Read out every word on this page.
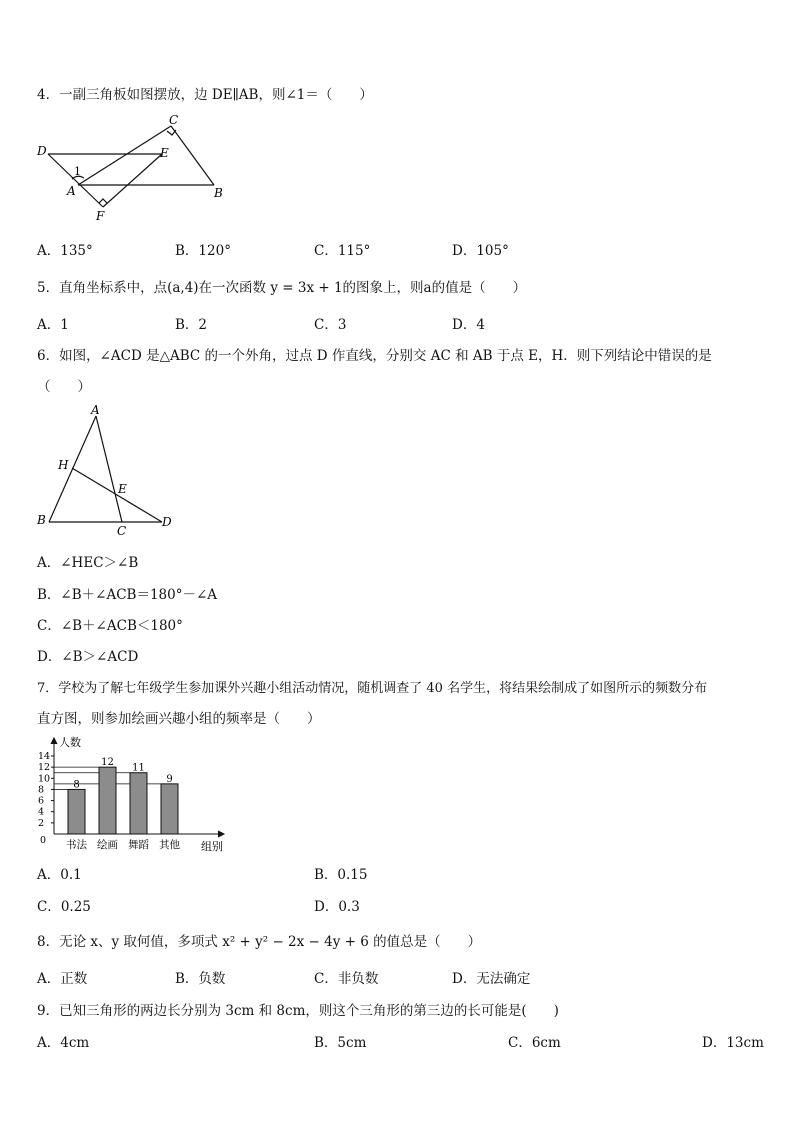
4．一副三角板如图摆放，边 DE∥AB，则∠1＝（　　）
C
D	E
1
A	B
F
A．135°	B．120°	C．115°	D．105°
5．直角坐标系中，点(a,4)在一次函数 y = 3x + 1的图象上，则a的值是（　　）
A．1	B．2	C．3	D．4
6．如图，∠ACD 是△ABC 的一个外角，过点 D 作直线，分别交 AC 和 AB 于点 E，H．则下列结论中错误的是
（　　）
A
H
E
B
C
D
A．∠HEC＞∠B
B．∠B＋∠ACB＝180°－∠A
C．∠B＋∠ACB＜180°
D．∠B＞∠ACD
7．学校为了解七年级学生参加课外兴趣小组活动情况，随机调查了 40 名学生，将结果绘制成了如图所示的频数分布
直方图，则参加绘画兴趣小组的频率是（　　）
0
2
4
6
8
10
12
14
8
12
11
9
书法 绘画 舞蹈 其他
人数
组别
A．0.1	B．0.15
C．0.25	D．0.3
8．无论 x、y 取何值，多项式 x² + y² − 2x − 4y + 6 的值总是（　　）
A．正数	B．负数	C．非负数	D．无法确定
9．已知三角形的两边长分别为 3cm 和 8cm，则这个三角形的第三边的长可能是(　　)
A．4cm	B．5cm	C．6cm	D．13cm
